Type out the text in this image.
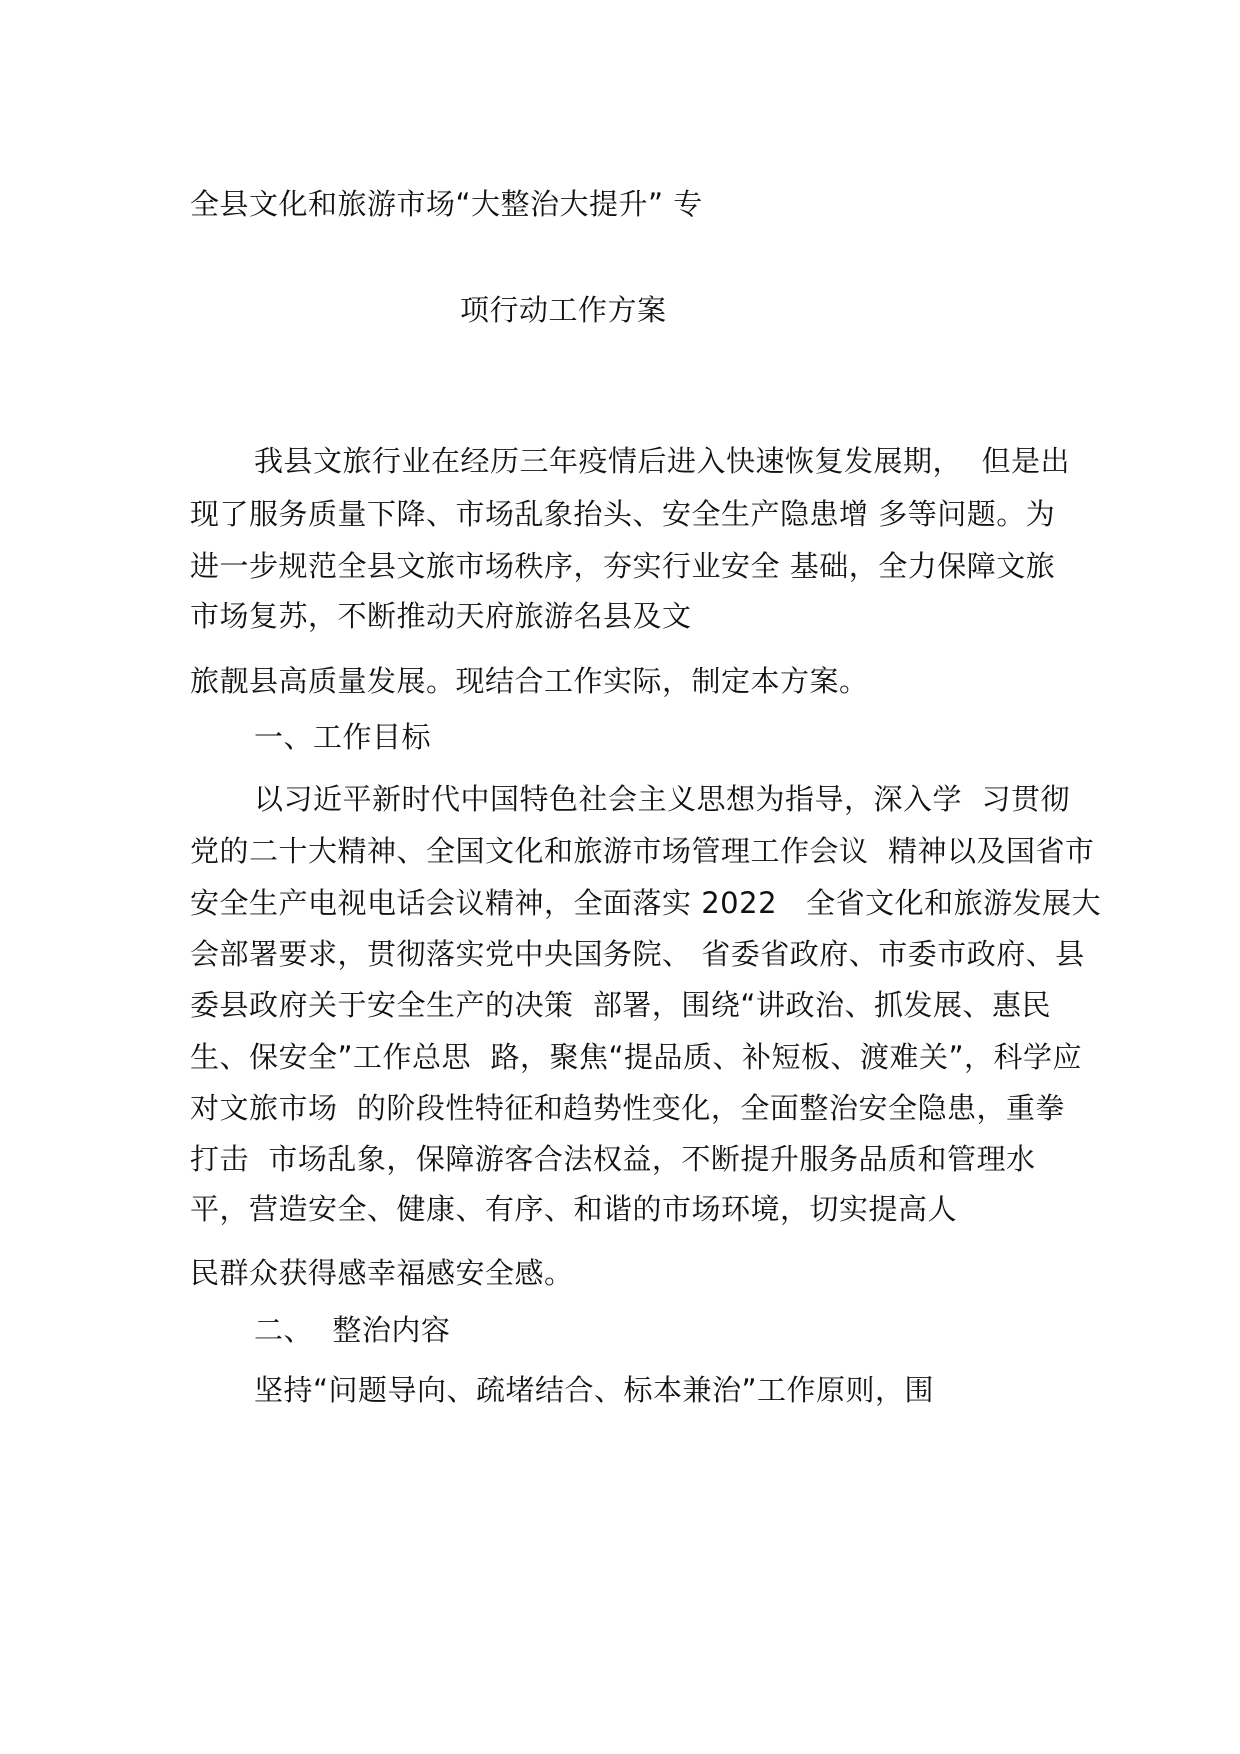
全县文化和旅游市场“大整治大提升” 专
项行动工作方案
我县文旅行业在经历三年疫情后进入快速恢复发展期，  但是出
现了服务质量下降、市场乱象抬头、安全生产隐患增 多等问题。为
进一步规范全县文旅市场秩序，夯实行业安全 基础，全力保障文旅
市场复苏，不断推动天府旅游名县及文
旅靓县高质量发展。现结合工作实际，制定本方案。
一、工作目标
以习近平新时代中国特色社会主义思想为指导，深入学  习贯彻
党的二十大精神、全国文化和旅游市场管理工作会议  精神以及国省市
安全生产电视电话会议精神，全面落实 2022   全省文化和旅游发展大
会部署要求，贯彻落实党中央国务院、 省委省政府、市委市政府、县
委县政府关于安全生产的决策  部署，围绕“讲政治、抓发展、惠民
生、保安全”工作总思  路，聚焦“提品质、补短板、渡难关”，科学应
对文旅市场  的阶段性特征和趋势性变化，全面整治安全隐患，重拳
打击  市场乱象，保障游客合法权益，不断提升服务品质和管理水
平，营造安全、健康、有序、和谐的市场环境，切实提高人
民群众获得感幸福感安全感。
二、  整治内容
坚持“问题导向、疏堵结合、标本兼治”工作原则，围
